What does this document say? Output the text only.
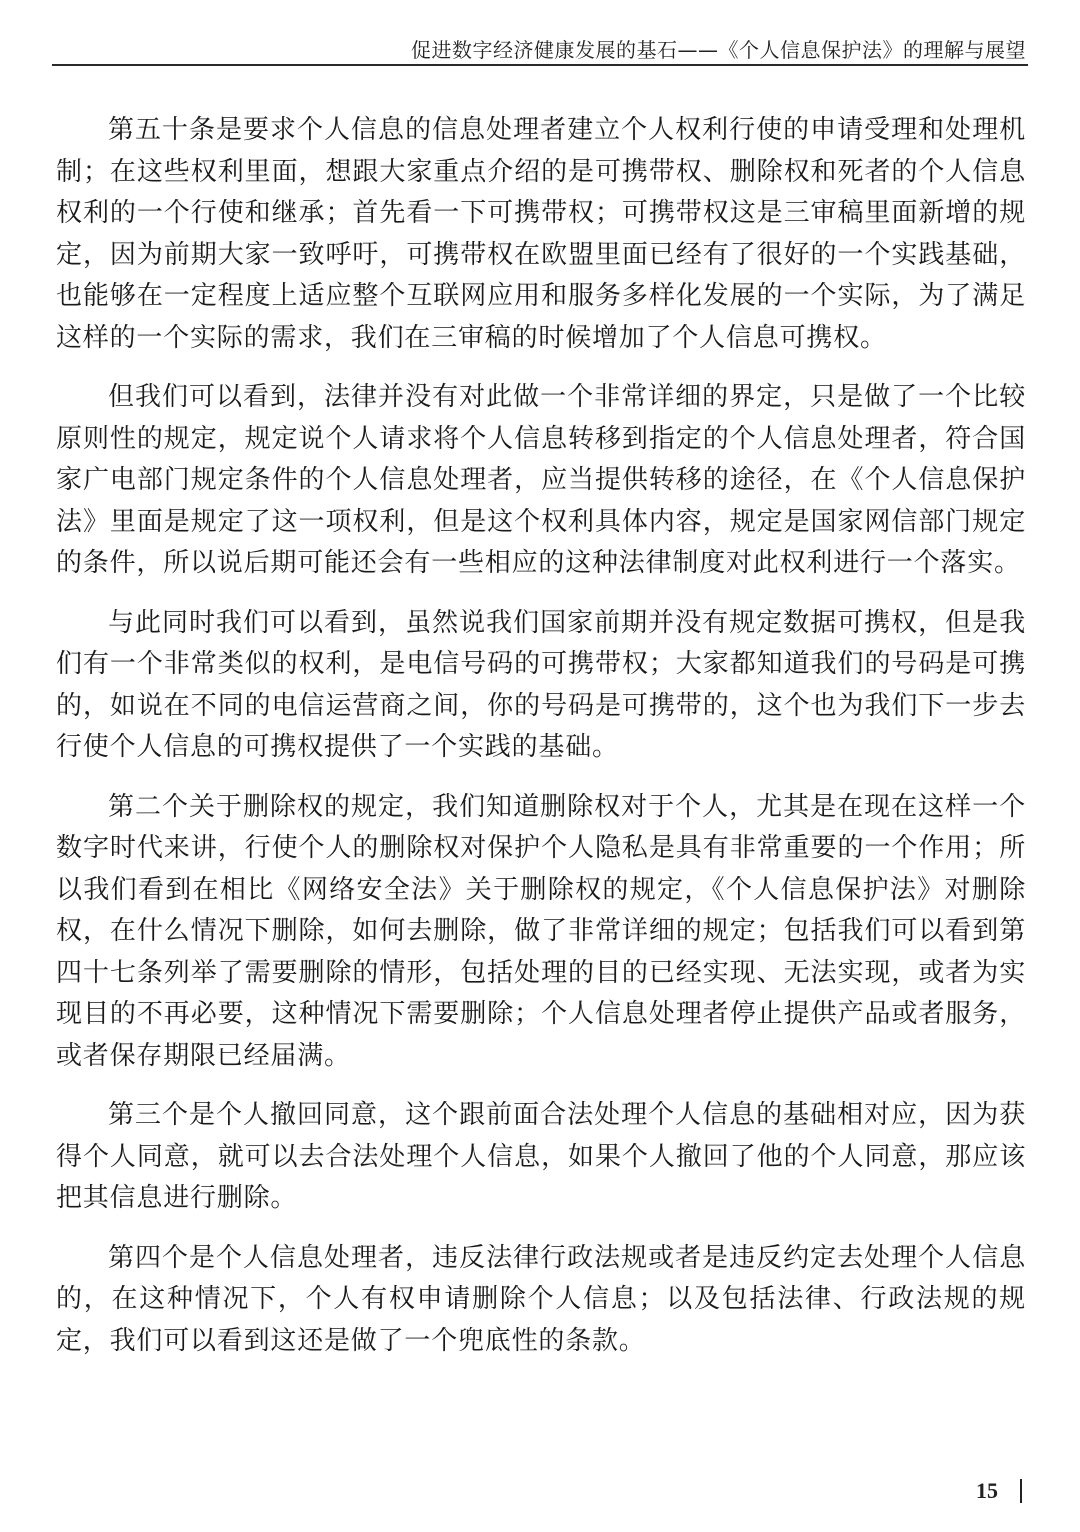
促进数字经济健康发展的基石——《个人信息保护法》的理解与展望

第五十条是要求个人信息的信息处理者建立个人权利行使的申请受理和处理机制；在这些权利里面，想跟大家重点介绍的是可携带权、删除权和死者的个人信息权利的一个行使和继承；首先看一下可携带权；可携带权这是三审稿里面新增的规定，因为前期大家一致呼吁，可携带权在欧盟里面已经有了很好的一个实践基础，也能够在一定程度上适应整个互联网应用和服务多样化发展的一个实际，为了满足这样的一个实际的需求，我们在三审稿的时候增加了个人信息可携权。

但我们可以看到，法律并没有对此做一个非常详细的界定，只是做了一个比较原则性的规定，规定说个人请求将个人信息转移到指定的个人信息处理者，符合国家广电部门规定条件的个人信息处理者，应当提供转移的途径，在《个人信息保护法》里面是规定了这一项权利，但是这个权利具体内容，规定是国家网信部门规定的条件，所以说后期可能还会有一些相应的这种法律制度对此权利进行一个落实。

与此同时我们可以看到，虽然说我们国家前期并没有规定数据可携权，但是我们有一个非常类似的权利，是电信号码的可携带权；大家都知道我们的号码是可携的，如说在不同的电信运营商之间，你的号码是可携带的，这个也为我们下一步去行使个人信息的可携权提供了一个实践的基础。

第二个关于删除权的规定，我们知道删除权对于个人，尤其是在现在这样一个数字时代来讲，行使个人的删除权对保护个人隐私是具有非常重要的一个作用；所以我们看到在相比《网络安全法》关于删除权的规定，《个人信息保护法》对删除权，在什么情况下删除，如何去删除，做了非常详细的规定；包括我们可以看到第四十七条列举了需要删除的情形，包括处理的目的已经实现、无法实现，或者为实现目的不再必要，这种情况下需要删除；个人信息处理者停止提供产品或者服务，或者保存期限已经届满。

第三个是个人撤回同意，这个跟前面合法处理个人信息的基础相对应，因为获得个人同意，就可以去合法处理个人信息，如果个人撤回了他的个人同意，那应该把其信息进行删除。

第四个是个人信息处理者，违反法律行政法规或者是违反约定去处理个人信息的，在这种情况下，个人有权申请删除个人信息；以及包括法律、行政法规的规定，我们可以看到这还是做了一个兜底性的条款。

15
